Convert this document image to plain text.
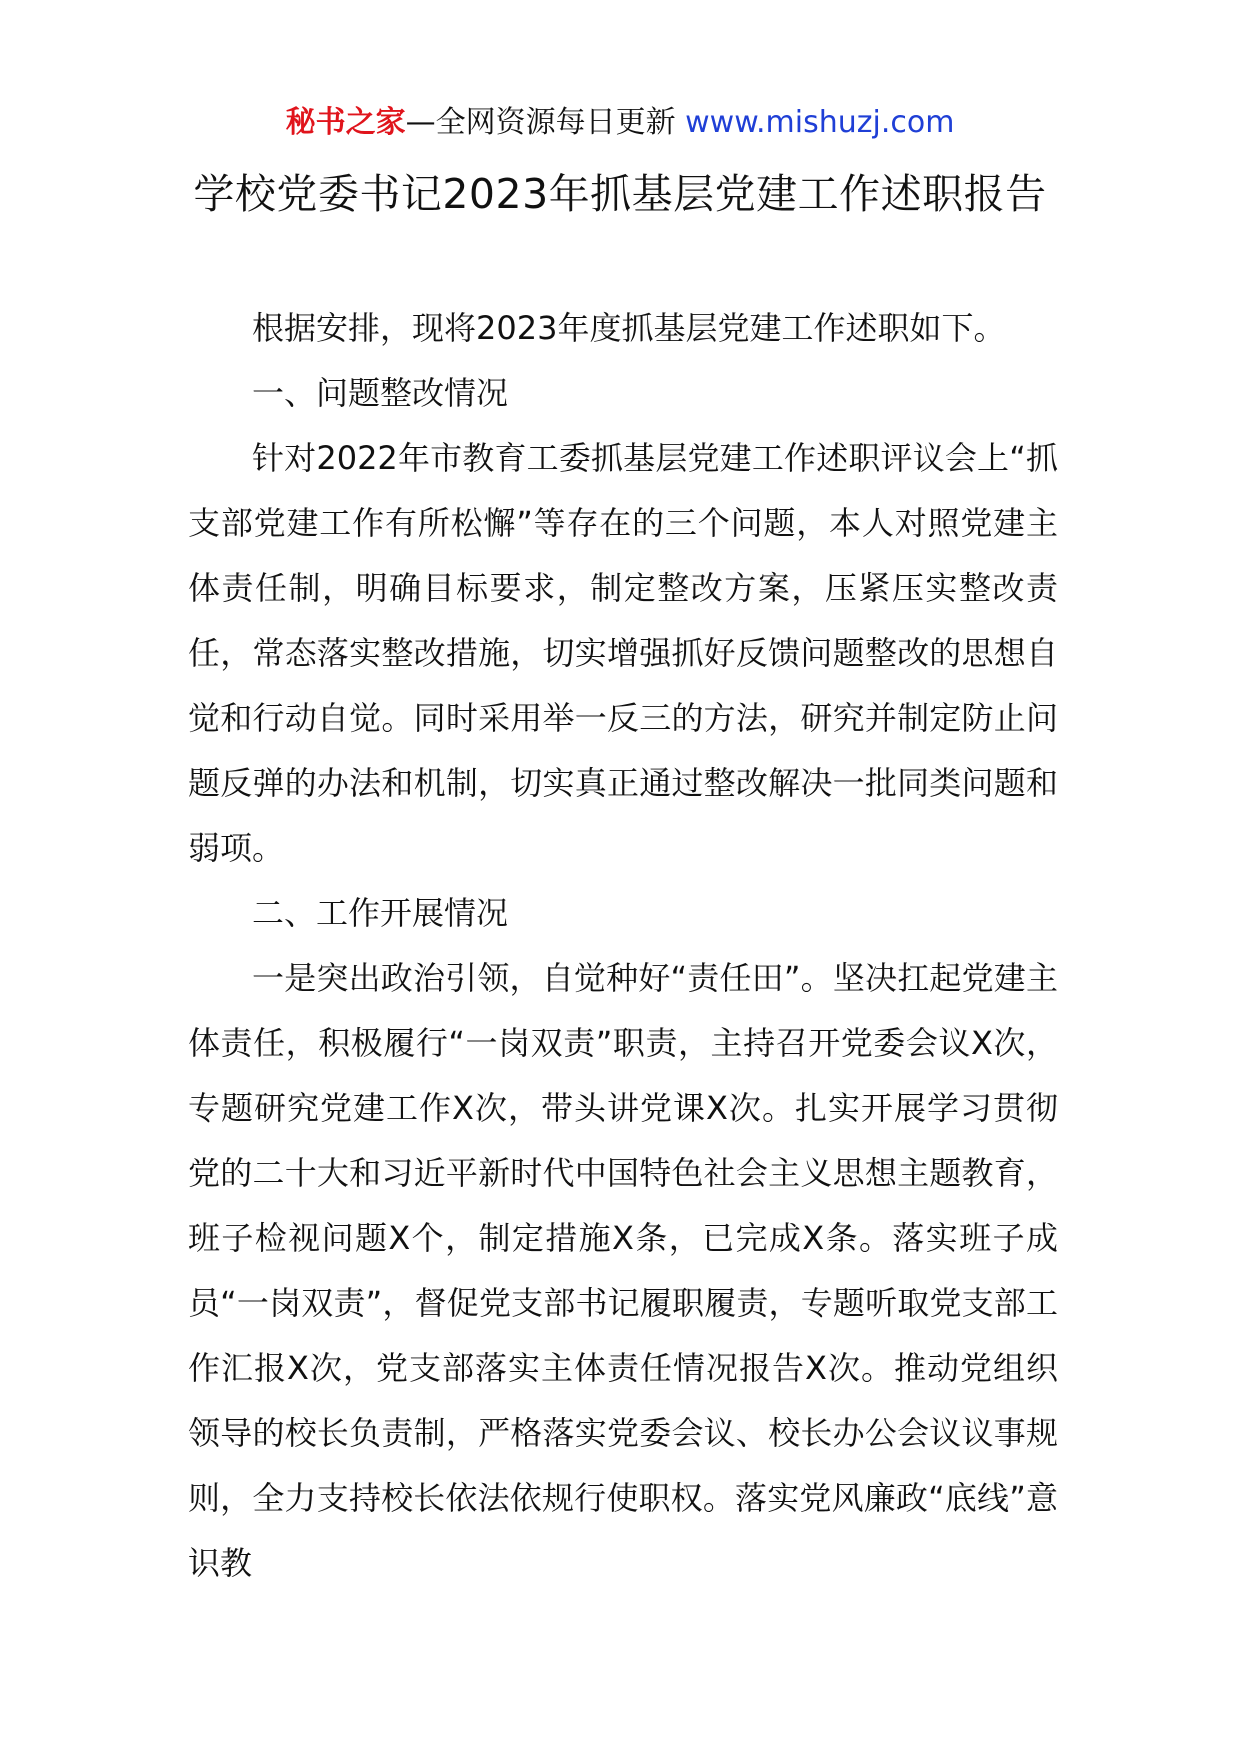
秘书之家—全网资源每日更新 www.mishuzj.com
学校党委书记2023年抓基层党建工作述职报告

根据安排，现将2023年度抓基层党建工作述职如下。

一、问题整改情况

针对2022年市教育工委抓基层党建工作述职评议会上“抓支部党建工作有所松懈”等存在的三个问题，本人对照党建主体责任制，明确目标要求，制定整改方案，压紧压实整改责任，常态落实整改措施，切实增强抓好反馈问题整改的思想自觉和行动自觉。同时采用举一反三的方法，研究并制定防止问题反弹的办法和机制，切实真正通过整改解决一批同类问题和弱项。

二、工作开展情况

一是突出政治引领，自觉种好“责任田”。坚决扛起党建主体责任，积极履行“一岗双责”职责，主持召开党委会议X次，专题研究党建工作X次，带头讲党课X次。扎实开展学习贯彻党的二十大和习近平新时代中国特色社会主义思想主题教育，班子检视问题X个，制定措施X条，已完成X条。落实班子成员“一岗双责”，督促党支部书记履职履责，专题听取党支部工作汇报X次，党支部落实主体责任情况报告X次。推动党组织领导的校长负责制，严格落实党委会议、校长办公会议议事规则，全力支持校长依法依规行使职权。落实党风廉政“底线”意识教
